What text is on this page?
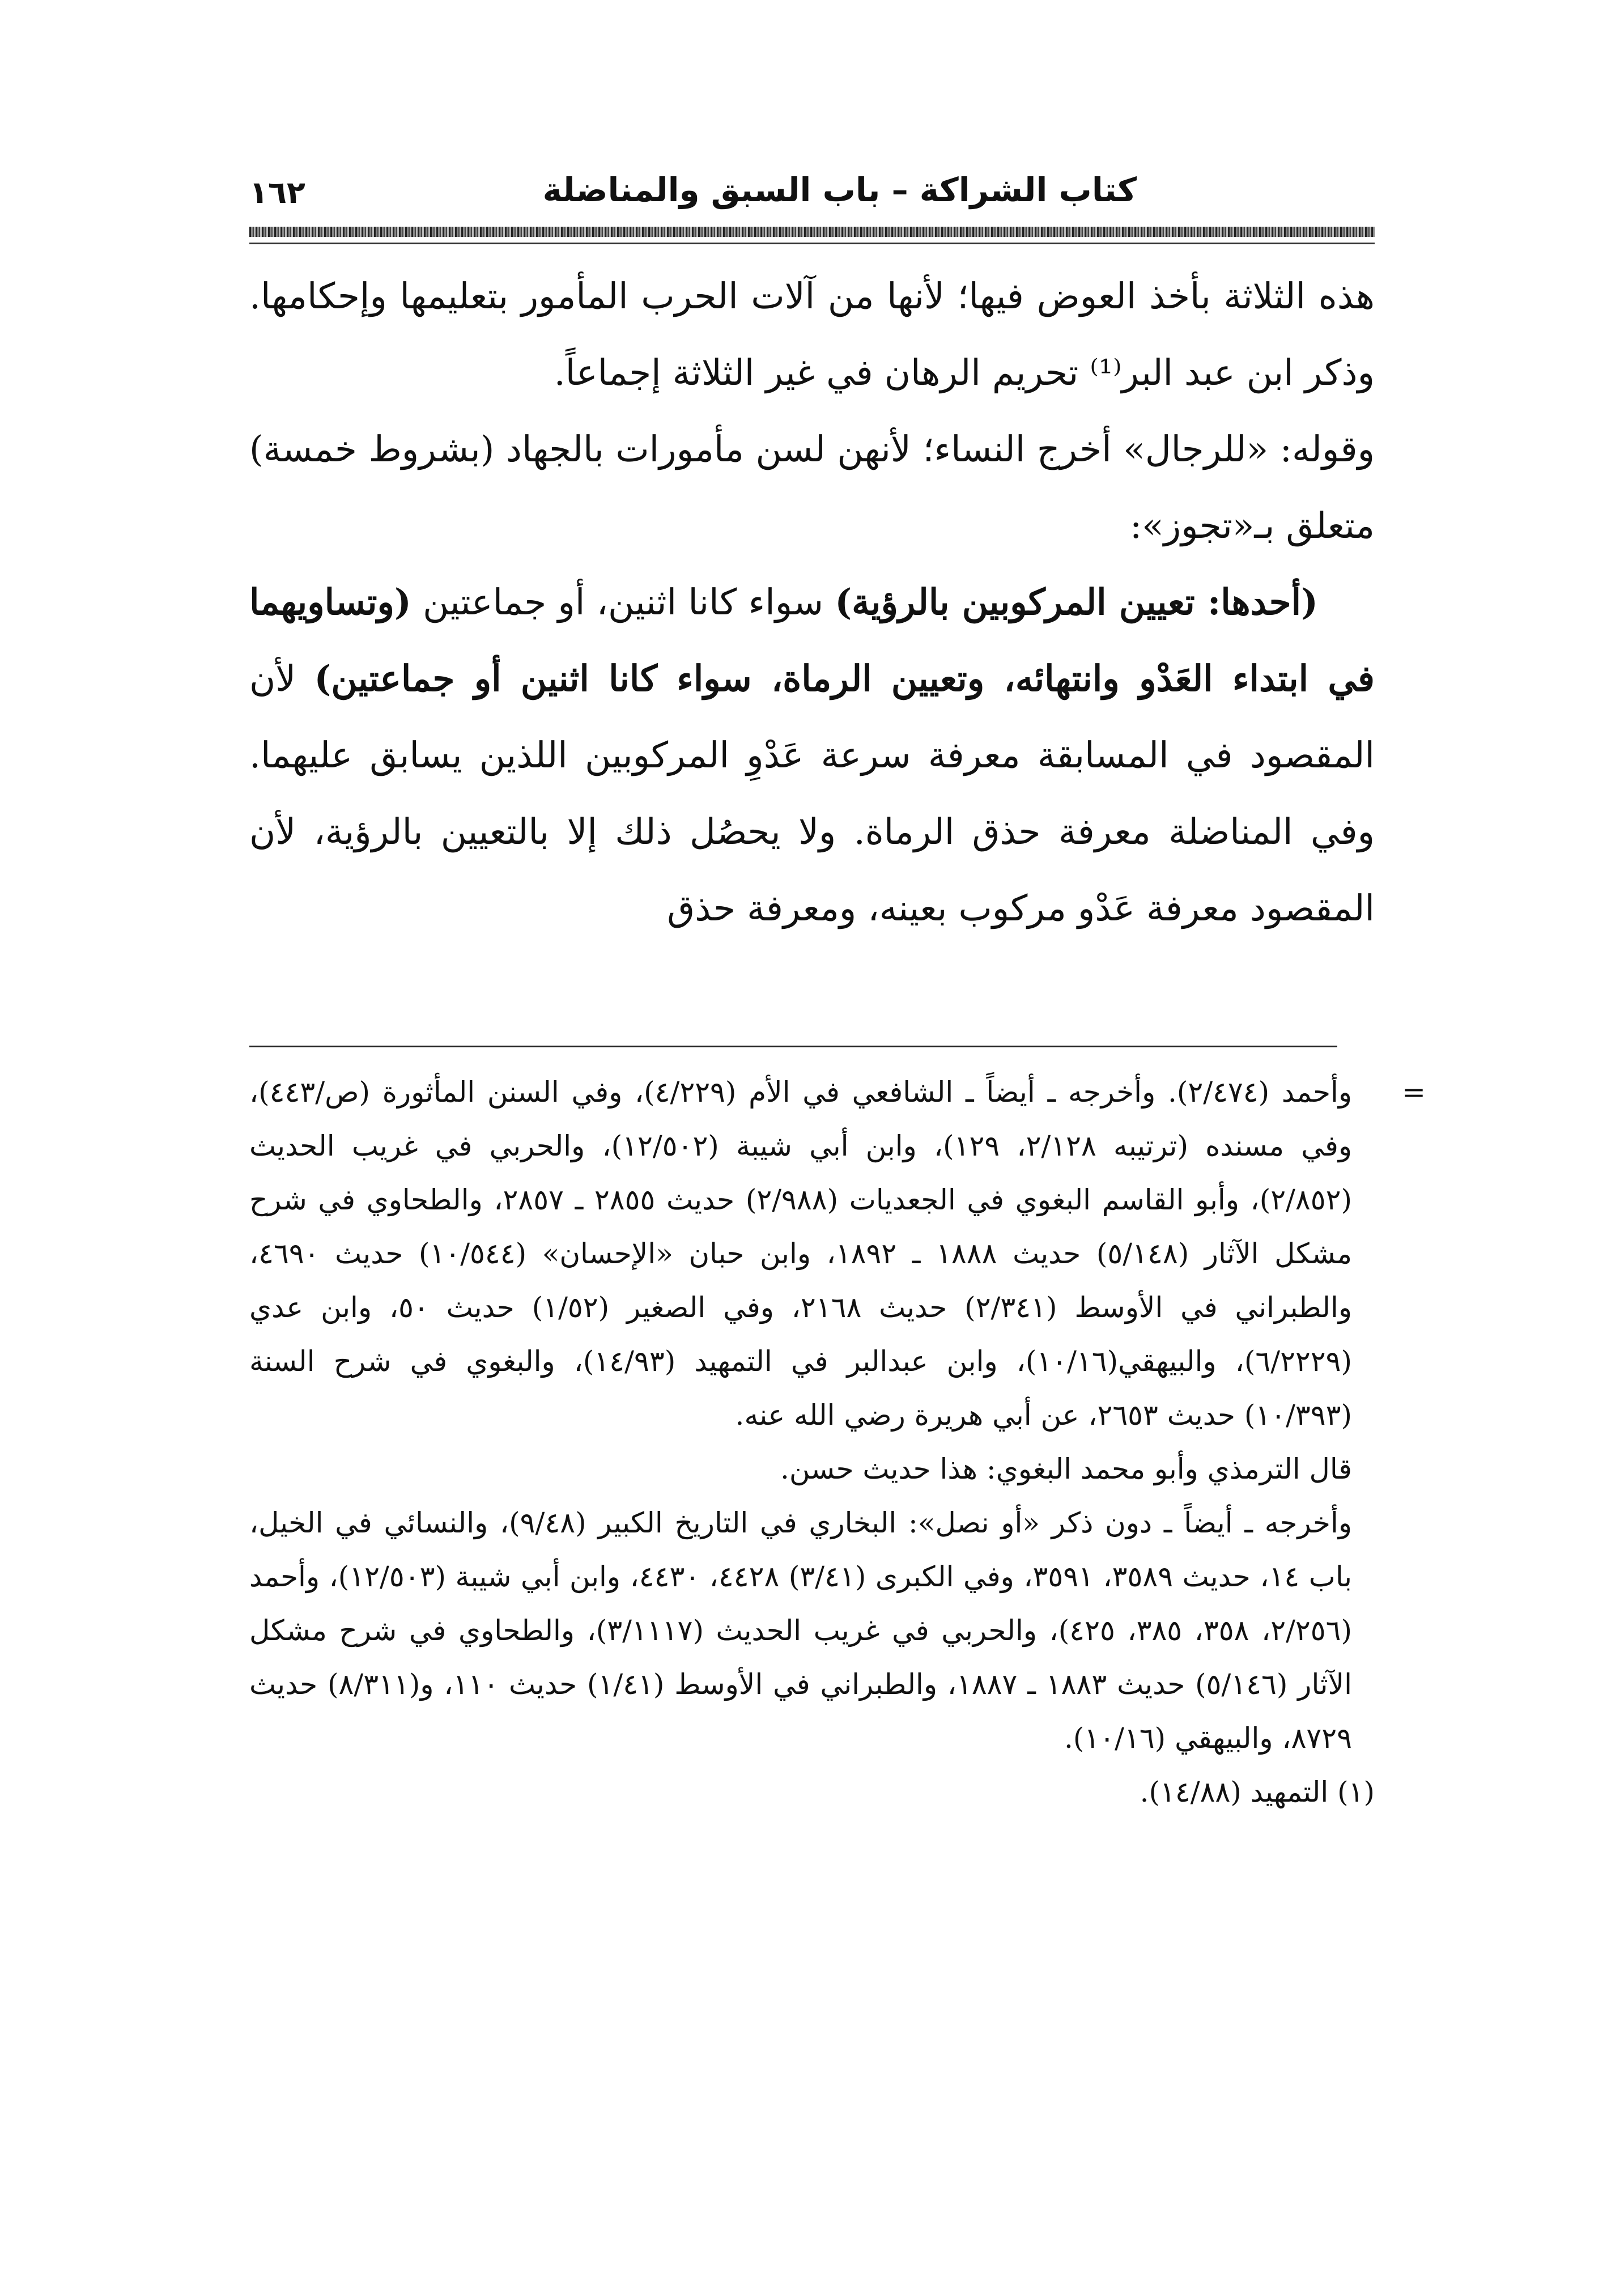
كتاب الشراكة – باب السبق والمناضلة
١٦٢

هذه الثلاثة بأخذ العوض فيها؛ لأنها من آلات الحرب المأمور بتعليمها وإحكامها. وذكر ابن عبد البر⁽¹⁾ تحريم الرهان في غير الثلاثة إجماعاً.

وقوله: «للرجال» أخرج النساء؛ لأنهن لسن مأمورات بالجهاد (بشروط خمسة) متعلق بـ«تجوز»:

(أحدها: تعيين المركوبين بالرؤية) سواء كانا اثنين، أو جماعتين (وتساويهما في ابتداء العَدْو وانتهائه، وتعيين الرماة، سواء كانا اثنين أو جماعتين) لأن المقصود في المسابقة معرفة سرعة عَدْوِ المركوبين اللذين يسابق عليهما. وفي المناضلة معرفة حذق الرماة. ولا يحصُل ذلك إلا بالتعيين بالرؤية، لأن المقصود معرفة عَدْو مركوب بعينه، ومعرفة حذق

=

وأحمد (٢/٤٧٤). وأخرجه ـ أيضاً ـ الشافعي في الأم (٤/٢٢٩)، وفي السنن المأثورة (ص/٤٤٣)، وفي مسنده (ترتيبه ٢/١٢٨، ١٢٩)، وابن أبي شيبة (١٢/٥٠٢)، والحربي في غريب الحديث (٢/٨٥٢)، وأبو القاسم البغوي في الجعديات (٢/٩٨٨) حديث ٢٨٥٥ ـ ٢٨٥٧، والطحاوي في شرح مشكل الآثار (٥/١٤٨) حديث ١٨٨٨ ـ ١٨٩٢، وابن حبان «الإحسان» (١٠/٥٤٤) حديث ٤٦٩٠، والطبراني في الأوسط (٢/٣٤١) حديث ٢١٦٨، وفي الصغير (١/٥٢) حديث ٥٠، وابن عدي (٦/٢٢٢٩)، والبيهقي(١٠/١٦)، وابن عبدالبر في التمهيد (١٤/٩٣)، والبغوي في شرح السنة (١٠/٣٩٣) حديث ٢٦٥٣، عن أبي هريرة رضي الله عنه.

قال الترمذي وأبو محمد البغوي: هذا حديث حسن.

وأخرجه ـ أيضاً ـ دون ذكر «أو نصل»: البخاري في التاريخ الكبير (٩/٤٨)، والنسائي في الخيل، باب ١٤، حديث ٣٥٨٩، ٣٥٩١، وفي الكبرى (٣/٤١) ٤٤٢٨، ٤٤٣٠، وابن أبي شيبة (١٢/٥٠٣)، وأحمد (٢/٢٥٦، ٣٥٨، ٣٨٥، ٤٢٥)، والحربي في غريب الحديث (٣/١١١٧)، والطحاوي في شرح مشكل الآثار (٥/١٤٦) حديث ١٨٨٣ ـ ١٨٨٧، والطبراني في الأوسط (١/٤١) حديث ١١٠، و(٨/٣١١) حديث ٨٧٢٩، والبيهقي (١٠/١٦).

(١) التمهيد (١٤/٨٨).
